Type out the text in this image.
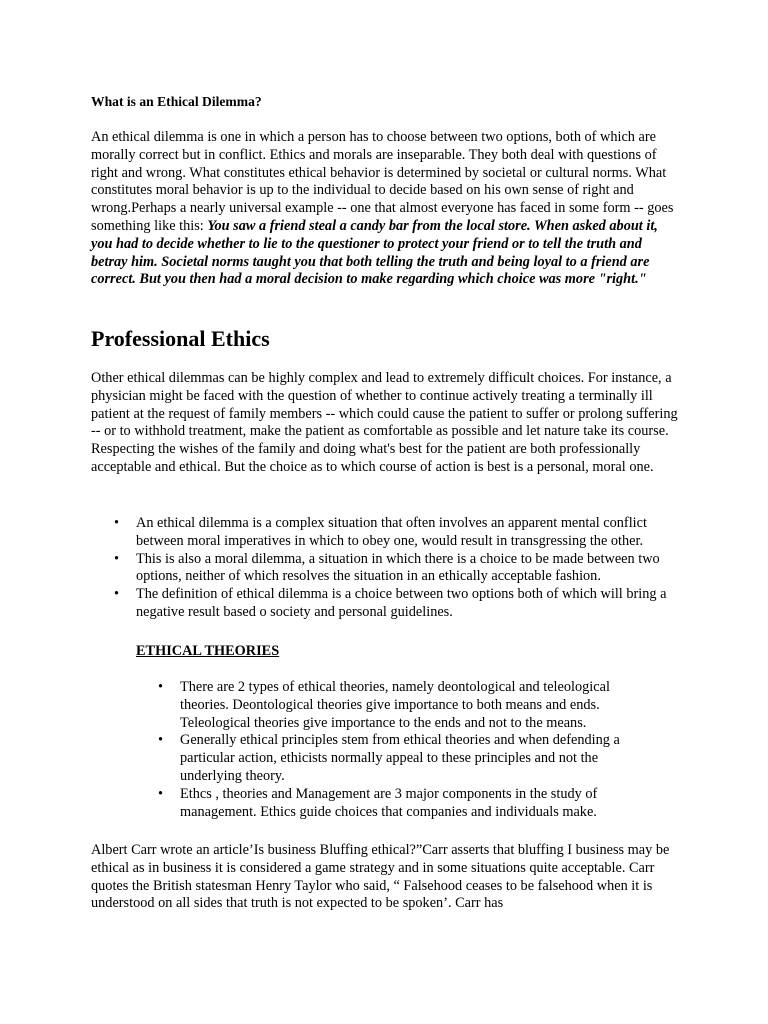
What is an Ethical Dilemma?
An ethical dilemma is one in which a person has to choose between two options, both of which are morally correct but in conflict. Ethics and morals are inseparable. They both deal with questions of right and wrong. What constitutes ethical behavior is determined by societal or cultural norms. What constitutes moral behavior is up to the individual to decide based on his own sense of right and wrong.Perhaps a nearly universal example -- one that almost everyone has faced in some form -- goes something like this: You saw a friend steal a candy bar from the local store. When asked about it, you had to decide whether to lie to the questioner to protect your friend or to tell the truth and betray him. Societal norms taught you that both telling the truth and being loyal to a friend are correct. But you then had a moral decision to make regarding which choice was more "right."
Professional Ethics
Other ethical dilemmas can be highly complex and lead to extremely difficult choices. For instance, a physician might be faced with the question of whether to continue actively treating a terminally ill patient at the request of family members -- which could cause the patient to suffer or prolong suffering -- or to withhold treatment, make the patient as comfortable as possible and let nature take its course. Respecting the wishes of the family and doing what's best for the patient are both professionally acceptable and ethical. But the choice as to which course of action is best is a personal, moral one.
• An ethical dilemma is a complex situation that often involves an apparent mental conflict between moral imperatives in which to obey one, would result in transgressing the other.
• This is also a moral dilemma, a situation in which there is a choice to be made between two options, neither of which resolves the situation in an ethically acceptable fashion.
• The definition of ethical dilemma is a choice between two options both of which will bring a negative result based o society and personal guidelines.
ETHICAL THEORIES
• There are 2 types of ethical theories, namely deontological and teleological theories. Deontological theories give importance to both means and ends. Teleological theories give importance to the ends and not to the means.
• Generally ethical principles stem from ethical theories and when defending a particular action, ethicists normally appeal to these principles and not the underlying theory.
• Ethcs , theories and Management are 3 major components in the study of management. Ethics guide choices that companies and individuals make.
Albert Carr wrote an article’Is business Bluffing ethical?”Carr asserts that bluffing I business may be ethical as in business it is considered a game strategy and in some situations quite acceptable. Carr quotes the British statesman Henry Taylor who said, “ Falsehood ceases to be falsehood when it is understood on all sides that truth is not expected to be spoken’. Carr has
